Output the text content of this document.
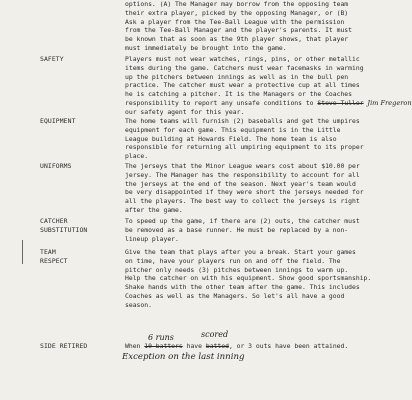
options. (A) The Manager may borrow from the opposing team
their extra player, picked by the opposing Manager, or (B)
Ask a player from the Tee-Ball League with the permission
from the Tee-Ball Manager and the player's parents. It must
be known that as soon as the 9th player shows, that player
must immediately be brought into the game.
SAFETY	Players must not wear watches, rings, pins, or other metallic
items during the game. Catchers must wear facemasks in warming
up the pitchers between innings as well as in the bull pen
practice. The catcher must wear a protective cup at all times
he is catching a pitcher. It is the Managers or the Coaches
responsibility to report any unsafe conditions to Steve Tuller Jim Fregeron
our safety agent for this year.
EQUIPMENT	The home teams will furnish (2) baseballs and get the umpires
equipment for each game. This equipment is in the Little
League building at Howards Field. The home team is also
responsible for returning all umpiring equipment to its proper
place.
UNIFORMS	The jerseys that the Minor League wears cost about $10.00 per
jersey. The Manager has the responsibility to account for all
the jerseys at the end of the season. Next year's team would
be very disappointed if they were short the jerseys needed for
all the players. The best way to collect the jerseys is right
after the game.
CATCHER
SUBSTITUTION
To speed up the game, if there are (2) outs, the catcher must
be removed as a base runner. He must be replaced by a non-
lineup player.
TEAM
RESPECT
Give the team that plays after you a break. Start your games
on time, have your players run on and off the field. The
pitcher only needs (3) pitches between innings to warm up.
Help the catcher on with his equipment. Show good sportsmanship.
Shake hands with the other team after the game. This includes
Coaches as well as the Managers. So let's all have a good
season.
SIDE RETIRED	When 10 batters have batted, or 3 outs have been attained.
6 runs	scored
Exception on the last inning
